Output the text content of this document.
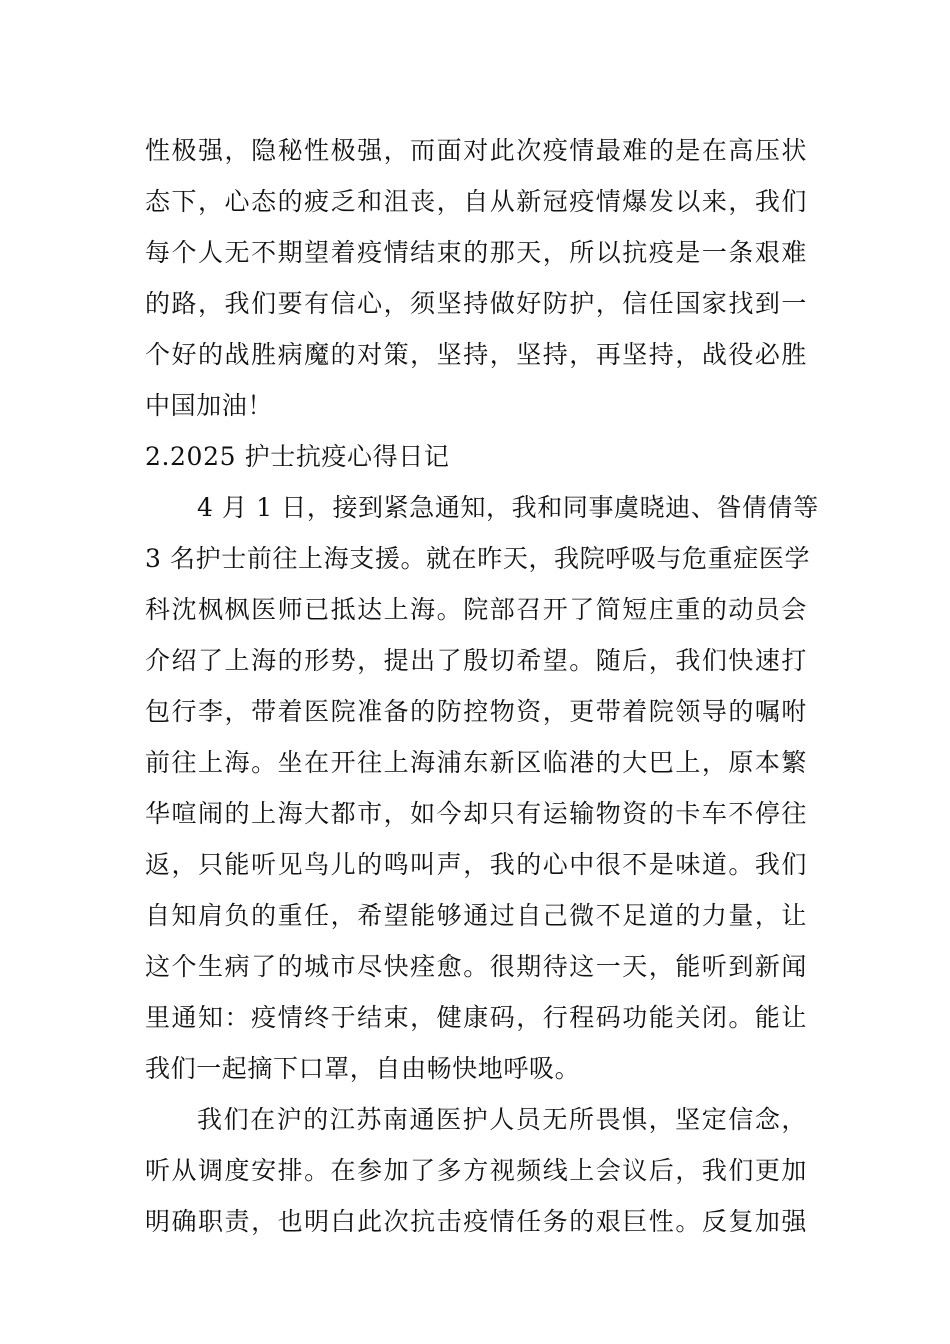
性极强，隐秘性极强，而面对此次疫情最难的是在高压状
态下，心态的疲乏和沮丧，自从新冠疫情爆发以来，我们
每个人无不期望着疫情结束的那天，所以抗疫是一条艰难
的路，我们要有信心，须坚持做好防护，信任国家找到一
个好的战胜病魔的对策，坚持，坚持，再坚持，战役必胜
中国加油！
2.2025 护士抗疫心得日记
4 月 1 日，接到紧急通知，我和同事虞晓迪、昝倩倩等
3 名护士前往上海支援。就在昨天，我院呼吸与危重症医学
科沈枫枫医师已抵达上海。院部召开了简短庄重的动员会
介绍了上海的形势，提出了殷切希望。随后，我们快速打
包行李，带着医院准备的防控物资，更带着院领导的嘱咐
前往上海。坐在开往上海浦东新区临港的大巴上，原本繁
华喧闹的上海大都市，如今却只有运输物资的卡车不停往
返，只能听见鸟儿的鸣叫声，我的心中很不是味道。我们
自知肩负的重任，希望能够通过自己微不足道的力量，让
这个生病了的城市尽快痊愈。很期待这一天，能听到新闻
里通知：疫情终于结束，健康码，行程码功能关闭。能让
我们一起摘下口罩，自由畅快地呼吸。
我们在沪的江苏南通医护人员无所畏惧，坚定信念，
听从调度安排。在参加了多方视频线上会议后，我们更加
明确职责，也明白此次抗击疫情任务的艰巨性。反复加强
